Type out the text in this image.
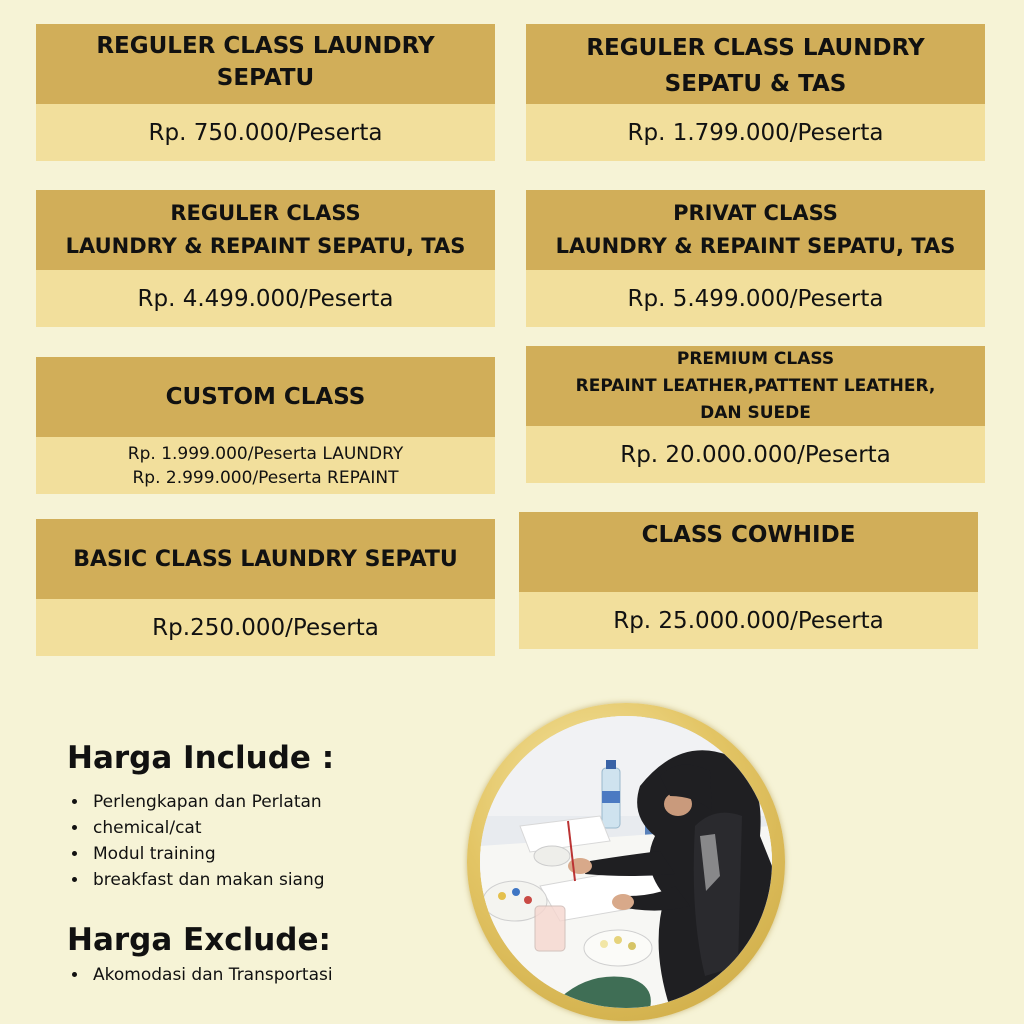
REGULER CLASS LAUNDRY
SEPATU
Rp. 750.000/Peserta
REGULER CLASS LAUNDRY
SEPATU & TAS
Rp. 1.799.000/Peserta
REGULER CLASS
LAUNDRY & REPAINT SEPATU, TAS
Rp. 4.499.000/Peserta
PRIVAT CLASS
LAUNDRY & REPAINT SEPATU, TAS
Rp. 5.499.000/Peserta
CUSTOM CLASS
Rp. 1.999.000/Peserta LAUNDRY
Rp. 2.999.000/Peserta REPAINT
PREMIUM CLASS
REPAINT LEATHER,PATTENT LEATHER,
DAN SUEDE
Rp. 20.000.000/Peserta
BASIC CLASS LAUNDRY SEPATU
Rp.250.000/Peserta
CLASS COWHIDE
Rp. 25.000.000/Peserta
Harga Include :
• Perlengkapan dan Perlatan
• chemical/cat
• Modul training
• breakfast dan makan siang
Harga Exclude:
• Akomodasi dan Transportasi
